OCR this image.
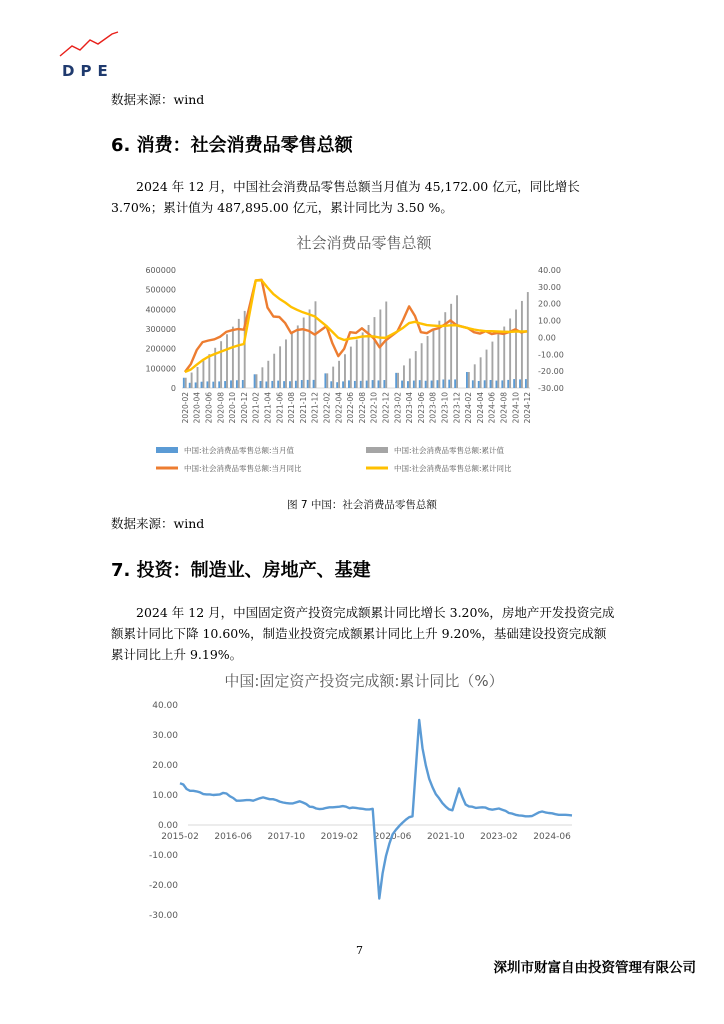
DPE
数据来源：wind
6. 消费：社会消费品零售总额
2024 年 12 月，中国社会消费品零售总额当月值为 45,172.00 亿元，同比增长 3.70%；累计值为 487,895.00 亿元，累计同比为 3.50 %。
社会消费品零售总额
600000
500000
400000
300000
200000
100000
0
40.00
30.00
20.00
10.00
0.00
-10.00
-20.00
-30.00
2020-02 2020-04 2020-06 2020-08 2020-10 2020-12 2021-02 2021-04 2021-06 2021-08 2021-10 2021-12 2022-02 2022-04 2022-06 2022-08 2022-10 2022-12 2023-02 2023-04 2023-06 2023-08 2023-10 2023-12 2024-02 2024-04 2024-06 2024-08 2024-10 2024-12
中国:社会消费品零售总额:当月值	中国:社会消费品零售总额:累计值
中国:社会消费品零售总额:当月同比	中国:社会消费品零售总额:累计同比
图 7 中国：社会消费品零售总额
数据来源：wind
7. 投资：制造业、房地产、基建
2024 年 12 月，中国固定资产投资完成额累计同比增长 3.20%，房地产开发投资完成额累计同比下降 10.60%，制造业投资完成额累计同比上升 9.20%，基础建设投资完成额累计同比上升 9.19%。
中国:固定资产投资完成额:累计同比（%）
40.00
30.00
20.00
10.00
0.00
-10.00
-20.00
-30.00
2015-02 2016-06 2017-10 2019-02 2020-06 2021-10 2023-02 2024-06
7
深圳市财富自由投资管理有限公司
